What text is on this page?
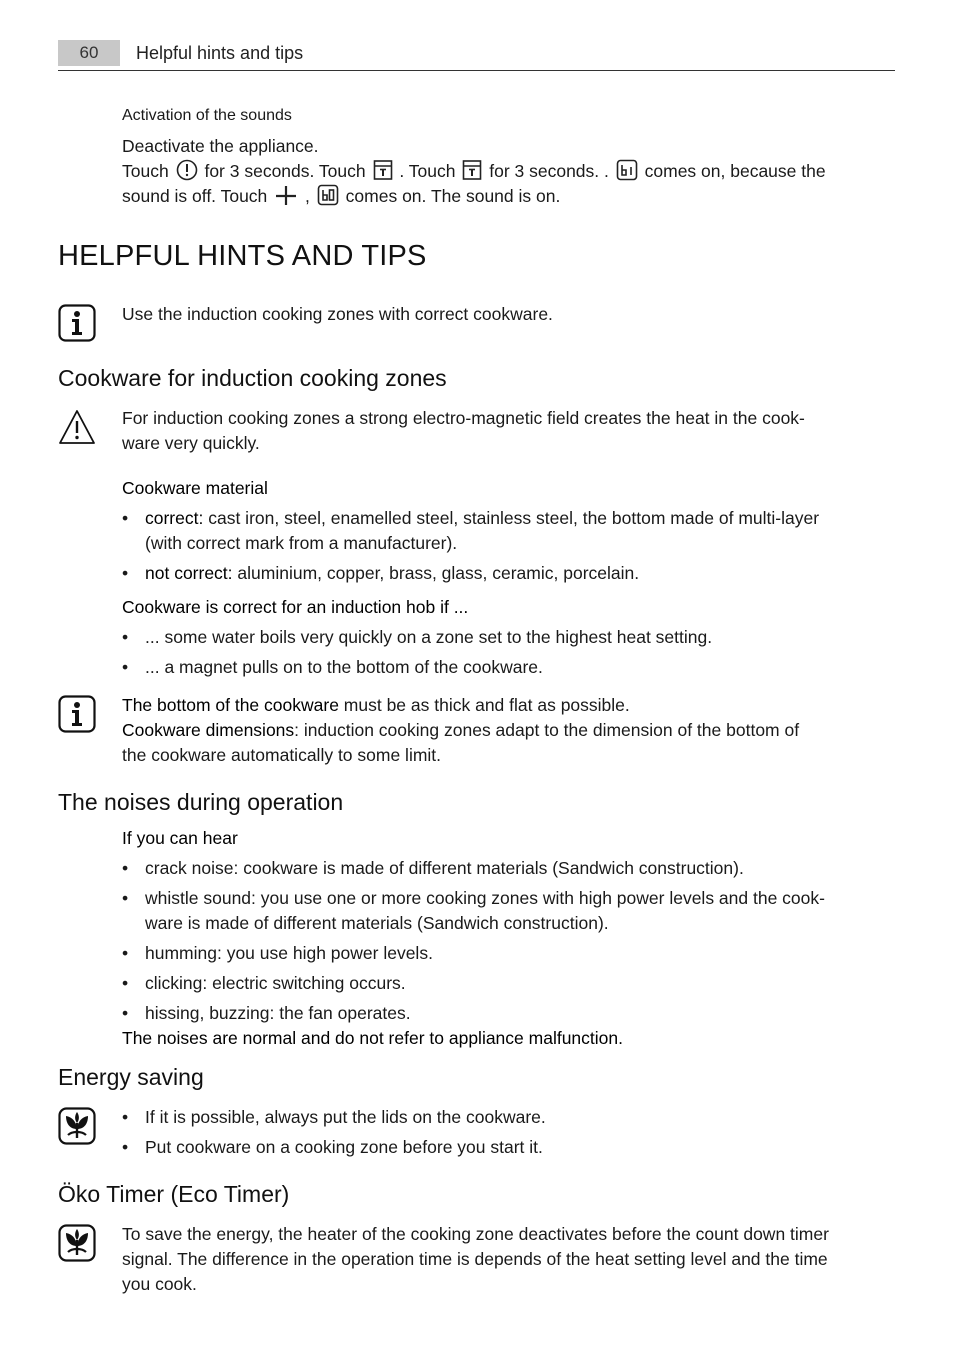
60	Helpful hints and tips
Activation of the sounds
Deactivate the appliance.
Touch for 3 seconds. Touch . Touch for 3 seconds. . comes on, because the
sound is off. Touch , comes on. The sound is on.
HELPFUL HINTS AND TIPS
Use the induction cooking zones with correct cookware.
Cookware for induction cooking zones
For induction cooking zones a strong electro-magnetic field creates the heat in the cook-
ware very quickly.
Cookware material
• correct: cast iron, steel, enamelled steel, stainless steel, the bottom made of multi-layer
(with correct mark from a manufacturer).
• not correct: aluminium, copper, brass, glass, ceramic, porcelain.
Cookware is correct for an induction hob if ...
• ... some water boils very quickly on a zone set to the highest heat setting.
• ... a magnet pulls on to the bottom of the cookware.
The bottom of the cookware must be as thick and flat as possible.
Cookware dimensions: induction cooking zones adapt to the dimension of the bottom of
the cookware automatically to some limit.
The noises during operation
If you can hear
• crack noise: cookware is made of different materials (Sandwich construction).
• whistle sound: you use one or more cooking zones with high power levels and the cook-
ware is made of different materials (Sandwich construction).
• humming: you use high power levels.
• clicking: electric switching occurs.
• hissing, buzzing: the fan operates.
The noises are normal and do not refer to appliance malfunction.
Energy saving
• If it is possible, always put the lids on the cookware.
• Put cookware on a cooking zone before you start it.
Öko Timer (Eco Timer)
To save the energy, the heater of the cooking zone deactivates before the count down timer
signal. The difference in the operation time is depends of the heat setting level and the time
you cook.
